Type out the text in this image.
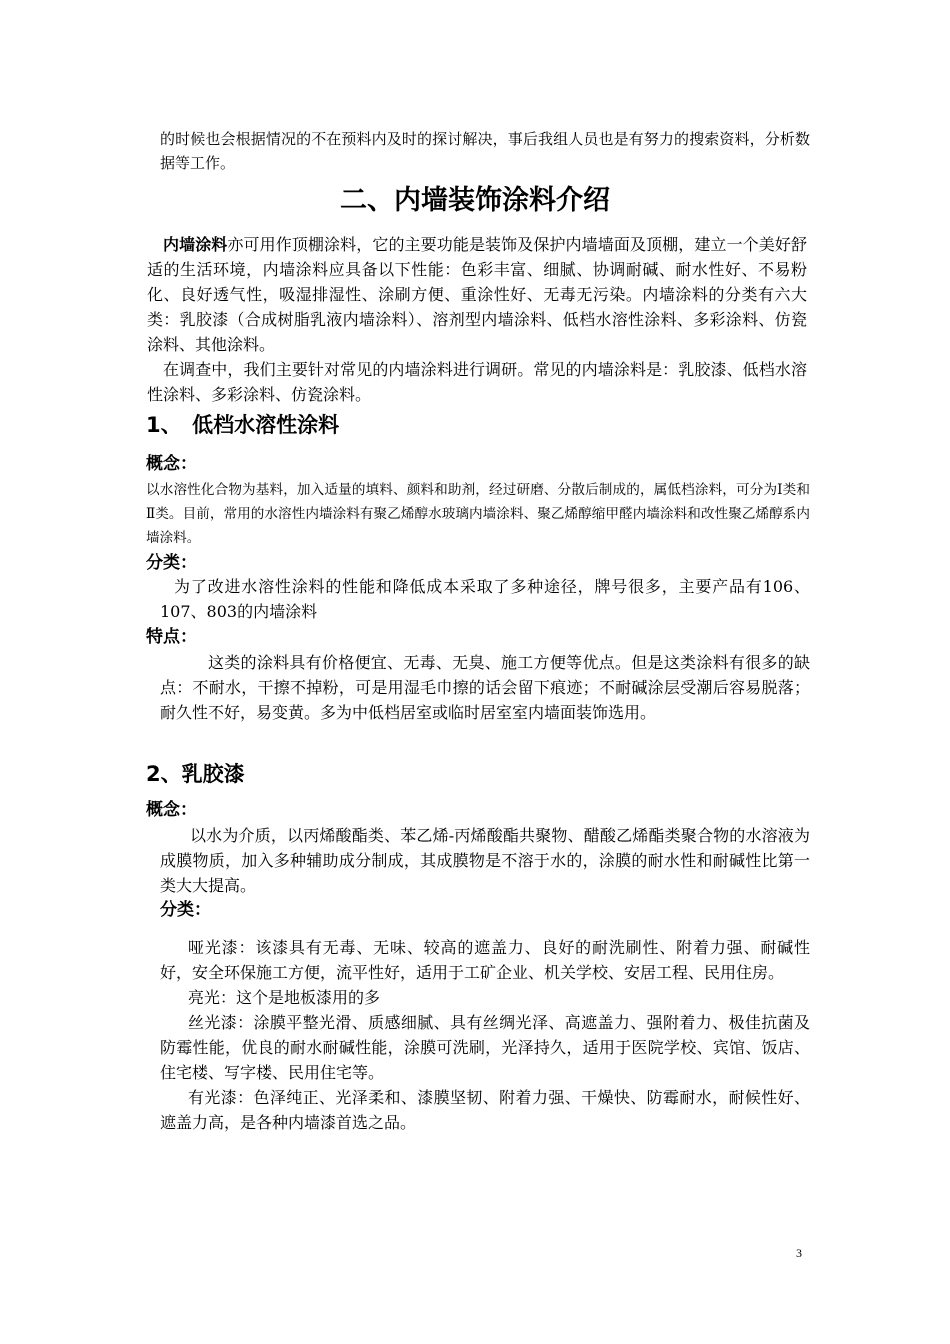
的时候也会根据情况的不在预料内及时的探讨解决，事后我组人员也是有努力的搜索资料，分析数据等工作。

二、内墙装饰涂料介绍

内墙涂料亦可用作顶棚涂料，它的主要功能是装饰及保护内墙墙面及顶棚，建立一个美好舒适的生活环境，内墙涂料应具备以下性能：色彩丰富、细腻、协调耐碱、耐水性好、不易粉化、良好透气性，吸湿排湿性、涂刷方便、重涂性好、无毒无污染。内墙涂料的分类有六大类：乳胶漆（合成树脂乳液内墙涂料）、溶剂型内墙涂料、低档水溶性涂料、多彩涂料、仿瓷涂料、其他涂料。

在调查中，我们主要针对常见的内墙涂料进行调研。常见的内墙涂料是：乳胶漆、低档水溶性涂料、多彩涂料、仿瓷涂料。

1、　低档水溶性涂料
概念：

以水溶性化合物为基料，加入适量的填料、颜料和助剂，经过研磨、分散后制成的，属低档涂料，可分为Ⅰ类和Ⅱ类。目前，常用的水溶性内墙涂料有聚乙烯醇水玻璃内墙涂料、聚乙烯醇缩甲醛内墙涂料和改性聚乙烯醇系内墙涂料。

分类：

为了改进水溶性涂料的性能和降低成本采取了多种途径，牌号很多，主要产品有106、107、803的内墙涂料

特点：

这类的涂料具有价格便宜、无毒、无臭、施工方便等优点。但是这类涂料有很多的缺点：不耐水，干擦不掉粉，可是用湿毛巾擦的话会留下痕迹；不耐碱涂层受潮后容易脱落；耐久性不好，易变黄。多为中低档居室或临时居室室内墙面装饰选用。

2、乳胶漆
概念：

以水为介质，以丙烯酸酯类、苯乙烯-丙烯酸酯共聚物、醋酸乙烯酯类聚合物的水溶液为成膜物质，加入多种辅助成分制成，其成膜物是不溶于水的，涂膜的耐水性和耐碱性比第一类大大提高。

分类：

哑光漆：该漆具有无毒、无味、较高的遮盖力、良好的耐洗刷性、附着力强、耐碱性好，安全环保施工方便，流平性好，适用于工矿企业、机关学校、安居工程、民用住房。

亮光：这个是地板漆用的多

丝光漆：涂膜平整光滑、质感细腻、具有丝绸光泽、高遮盖力、强附着力、极佳抗菌及防霉性能，优良的耐水耐碱性能，涂膜可洗刷，光泽持久，适用于医院学校、宾馆、饭店、住宅楼、写字楼、民用住宅等。

有光漆：色泽纯正、光泽柔和、漆膜坚韧、附着力强、干燥快、防霉耐水，耐候性好、遮盖力高，是各种内墙漆首选之品。

3
